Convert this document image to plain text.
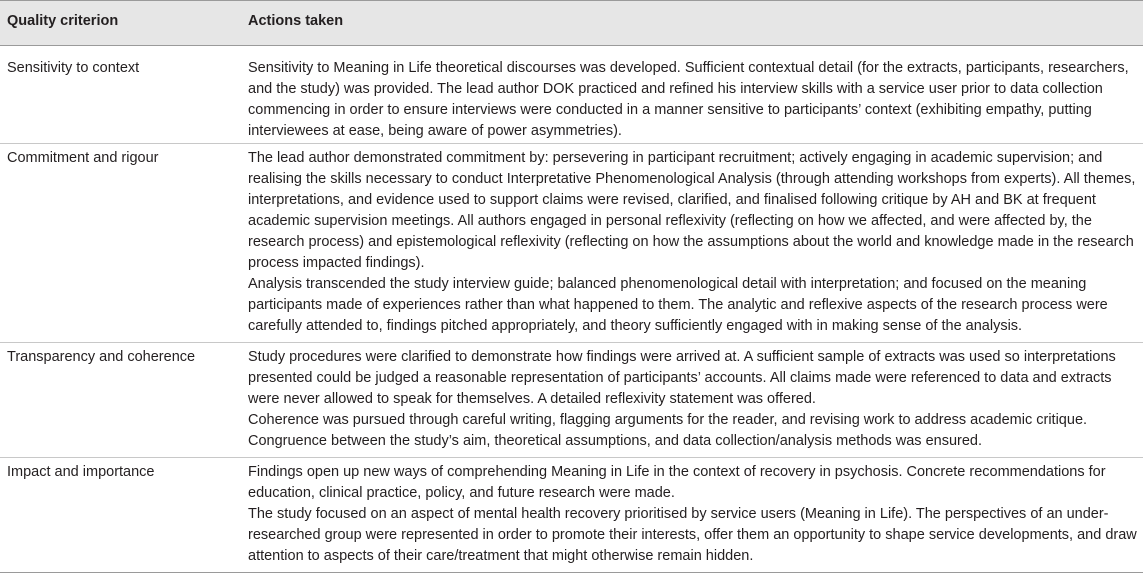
Quality criterion	Actions taken
Sensitivity to context	Sensitivity to Meaning in Life theoretical discourses was developed. Sufficient contextual detail (for the extracts, participants, researchers, and the study) was provided. The lead author DOK practiced and refined his interview skills with a service user prior to data collection commencing in order to ensure interviews were conducted in a manner sensitive to participants’ context (exhibiting empathy, putting interviewees at ease, being aware of power asymmetries).

Commitment and rigour	The lead author demonstrated commitment by: persevering in participant recruitment; actively engaging in academic supervision; and realising the skills necessary to conduct Interpretative Phenomenological Analysis (through attending workshops from experts). All themes, interpretations, and evidence used to support claims were revised, clarified, and finalised following critique by AH and BK at frequent academic supervision meetings. All authors engaged in personal reflexivity (reflecting on how we affected, and were affected by, the research process) and epistemological reflexivity (reflecting on how the assumptions about the world and knowledge made in the research process impacted findings).

Analysis transcended the study interview guide; balanced phenomenological detail with interpretation; and focused on the meaning participants made of experiences rather than what happened to them. The analytic and reflexive aspects of the research process were carefully attended to, findings pitched appropriately, and theory sufficiently engaged with in making sense of the analysis.

Transparency and coherence	Study procedures were clarified to demonstrate how findings were arrived at. A sufficient sample of extracts was used so interpretations presented could be judged a reasonable representation of participants’ accounts. All claims made were referenced to data and extracts were never allowed to speak for themselves. A detailed reflexivity statement was offered.

Coherence was pursued through careful writing, flagging arguments for the reader, and revising work to address academic critique. Congruence between the study’s aim, theoretical assumptions, and data collection/analysis methods was ensured.

Impact and importance	Findings open up new ways of comprehending Meaning in Life in the context of recovery in psychosis. Concrete recommendations for education, clinical practice, policy, and future research were made.

The study focused on an aspect of mental health recovery prioritised by service users (Meaning in Life). The perspectives of an under-researched group were represented in order to promote their interests, offer them an opportunity to shape service developments, and draw attention to aspects of their care/treatment that might otherwise remain hidden.
